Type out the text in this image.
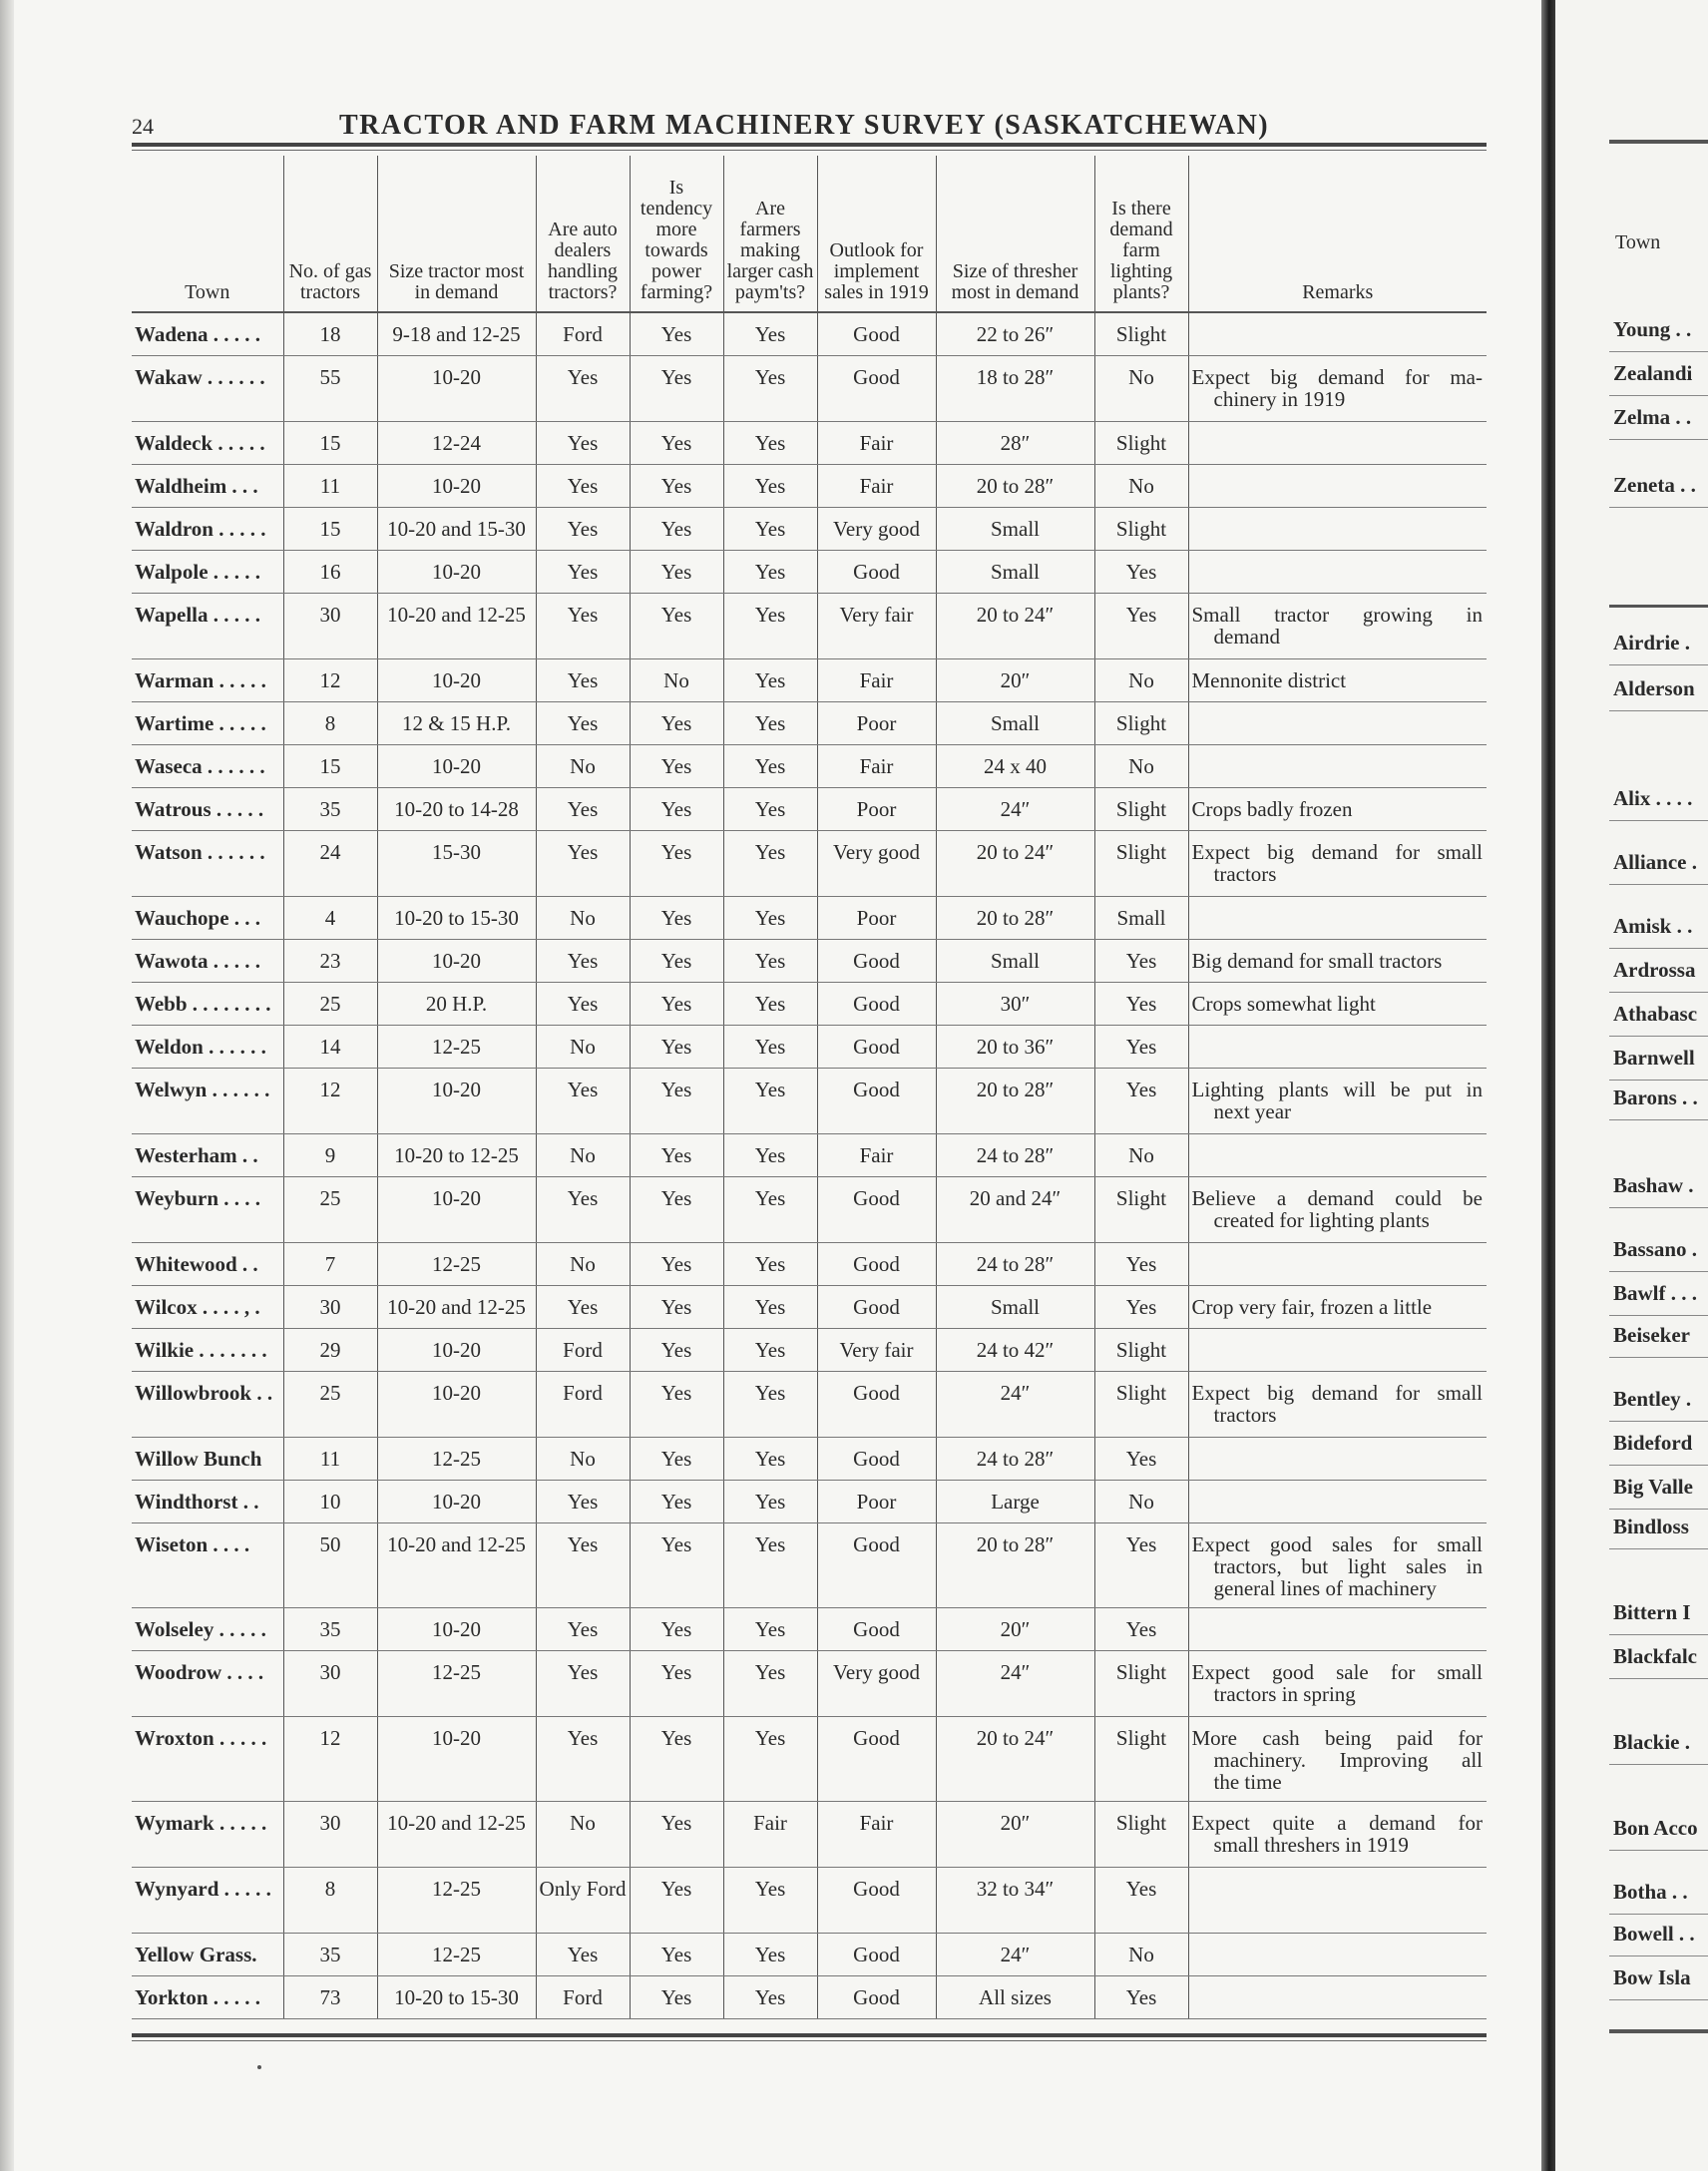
24	TRACTOR AND FARM MACHINERY SURVEY (SASKATCHEWAN)
Town	No. of gas tractors	Size tractor most in demand	Are auto dealers handling tractors?	Is tendency more towards power farming?	Are farmers making larger cash paym'ts?	Outlook for implement sales in 1919	Size of thresher most in demand	Is there demand farm lighting plants?	Remarks
Wadena . . . . .	18	9-18 and 12-25	Ford	Yes	Yes	Good	22 to 26″	Slight	
Wakaw . . . . . .	55	10-20	Yes	Yes	Yes	Good	18 to 28″	No	Expect big demand for ma-
chinery in 1919

Waldeck . . . . .	15	12-24	Yes	Yes	Yes	Fair	28″	Slight	
Waldheim . . .	11	10-20	Yes	Yes	Yes	Fair	20 to 28″	No	
Waldron . . . . .	15	10-20 and 15-30	Yes	Yes	Yes	Very good	Small	Slight	
Walpole . . . . .	16	10-20	Yes	Yes	Yes	Good	Small	Yes	
Wapella . . . . .	30	10-20 and 12-25	Yes	Yes	Yes	Very fair	20 to 24″	Yes	Small tractor growing in
demand

Warman . . . . .	12	10-20	Yes	No	Yes	Fair	20″	No	Mennonite district

Wartime . . . . .	8	12 & 15 H.P.	Yes	Yes	Yes	Poor	Small	Slight	
Waseca . . . . . .	15	10-20	No	Yes	Yes	Fair	24 x 40	No	
Watrous . . . . .	35	10-20 to 14-28	Yes	Yes	Yes	Poor	24″	Slight	Crops badly frozen

Watson . . . . . .	24	15-30	Yes	Yes	Yes	Very good	20 to 24″	Slight	Expect big demand for small
tractors

Wauchope . . .	4	10-20 to 15-30	No	Yes	Yes	Poor	20 to 28″	Small	
Wawota . . . . .	23	10-20	Yes	Yes	Yes	Good	Small	Yes	Big demand for small tractors

Webb . . . . . . . .	25	20 H.P.	Yes	Yes	Yes	Good	30″	Yes	Crops somewhat light

Weldon . . . . . .	14	12-25	No	Yes	Yes	Good	20 to 36″	Yes	
Welwyn . . . . . .	12	10-20	Yes	Yes	Yes	Good	20 to 28″	Yes	Lighting plants will be put in
next year

Westerham . .	9	10-20 to 12-25	No	Yes	Yes	Fair	24 to 28″	No	
Weyburn . . . .	25	10-20	Yes	Yes	Yes	Good	20 and 24″	Slight	Believe a demand could be
created for lighting plants

Whitewood . .	7	12-25	No	Yes	Yes	Good	24 to 28″	Yes	
Wilcox . . . . , .	30	10-20 and 12-25	Yes	Yes	Yes	Good	Small	Yes	Crop very fair, frozen a little

Wilkie . . . . . . .	29	10-20	Ford	Yes	Yes	Very fair	24 to 42″	Slight	
Willowbrook . .	25	10-20	Ford	Yes	Yes	Good	24″	Slight	Expect big demand for small
tractors

Willow Bunch	11	12-25	No	Yes	Yes	Good	24 to 28″	Yes	
Windthorst . .	10	10-20	Yes	Yes	Yes	Poor	Large	No	
Wiseton . . . .	50	10-20 and 12-25	Yes	Yes	Yes	Good	20 to 28″	Yes	Expect good sales for small
tractors, but light sales in
general lines of machinery

Wolseley . . . . .	35	10-20	Yes	Yes	Yes	Good	20″	Yes	
Woodrow . . . .	30	12-25	Yes	Yes	Yes	Very good	24″	Slight	Expect good sale for small
tractors in spring

Wroxton . . . . .	12	10-20	Yes	Yes	Yes	Good	20 to 24″	Slight	More cash being paid for
machinery. Improving all
the time

Wymark . . . . .	30	10-20 and 12-25	No	Yes	Fair	Fair	20″	Slight	Expect quite a demand for
small threshers in 1919

Wynyard . . . . .	8	12-25	Only Ford	Yes	Yes	Good	32 to 34″	Yes	
Yellow Grass.	35	12-25	Yes	Yes	Yes	Good	24″	No	
Yorkton . . . . .	73	10-20 to 15-30	Ford	Yes	Yes	Good	All sizes	Yes	
Town
Young . .
Zealandi
Zelma . .
Zeneta . .
Airdrie .
Alderson
Alix . . . .
Alliance .
Amisk . .
Ardrossa
Athabasc
Barnwell
Barons . .
Bashaw .
Bassano .
Bawlf . . .
Beiseker
Bentley .
Bideford
Big Valle
Bindloss
Bittern I
Blackfalc
Blackie .
Bon Acco
Botha . .
Bowell . .
Bow Isla
